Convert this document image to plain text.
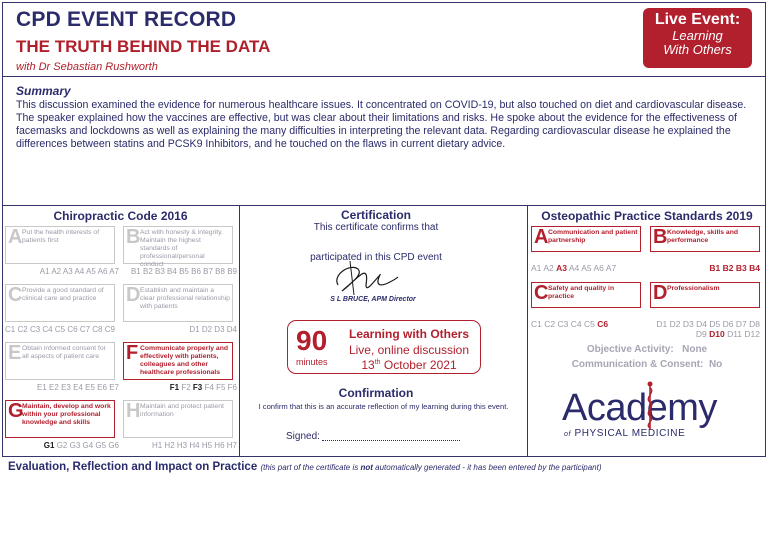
CPD EVENT RECORD
THE TRUTH BEHIND THE DATA
with Dr Sebastian Rushworth
Live Event:
Learning
With Others
Summary
This discussion examined the evidence for numerous healthcare issues. It concentrated on COVID-19, but also touched on diet and cardiovascular disease. The speaker explained how the vaccines are effective, but was clear about their limitations and risks. He spoke about the evidence for the effectiveness of facemasks and lockdowns as well as explaining the many difficulties in interpreting the relevant data. Regarding cardiovascular disease he explained the differences between statins and PCSK9 Inhibitors, and he touched on the flaws in current dietary advice.
Chiropractic Code 2016
A Put the health interests of patients first
A1 A2 A3 A4 A5 A6 A7
B Act with honesty & integrity. Maintain the highest standards of professional/personal conduct
B1 B2 B3 B4 B5 B6 B7 B8 B9
C Provide a good standard of clinical care and practice
C1 C2 C3 C4 C5 C6 C7 C8 C9
D Establish and maintain a clear professional relationship with patients
D1 D2 D3 D4
E Obtain informed consent for all aspects of patient care
E1 E2 E3 E4 E5 E6 E7
F Communicate properly and effectively with patients, colleagues and other healthcare professionals
F1 F2 F3 F4 F5 F6
G
Maintain, develop and work within your professional knowledge and skills
G1 G2 G3 G4 G5 G6
H Maintain and protect patient information
H1 H2 H3 H4 H5 H6 H7
Certification
This certificate confirms that
participated in this CPD event
S L BRUCE, APM Director
90
minutes
Learning with Others
Live, online discussion
13th October 2021
Confirmation
I confirm that this is an accurate reflection of my learning during this event.
Signed:
Osteopathic Practice Standards 2019
A Communication and patient partnership
A1 A2 A3 A4 A5 A6 A7
B Knowledge, skills and performance
B1 B2 B3 B4
C Safety and quality in practice
C1 C2 C3 C4 C5 C6
D Professionalism
D1 D2 D3 D4 D5 D6 D7 D8 D9 D10 D11 D12
Objective Activity: None
Communication & Consent: No
Academy
of PHYSICAL MEDICINE
Evaluation, Reflection and Impact on Practice (this part of the certificate is not automatically generated - it has been entered by the participant)
